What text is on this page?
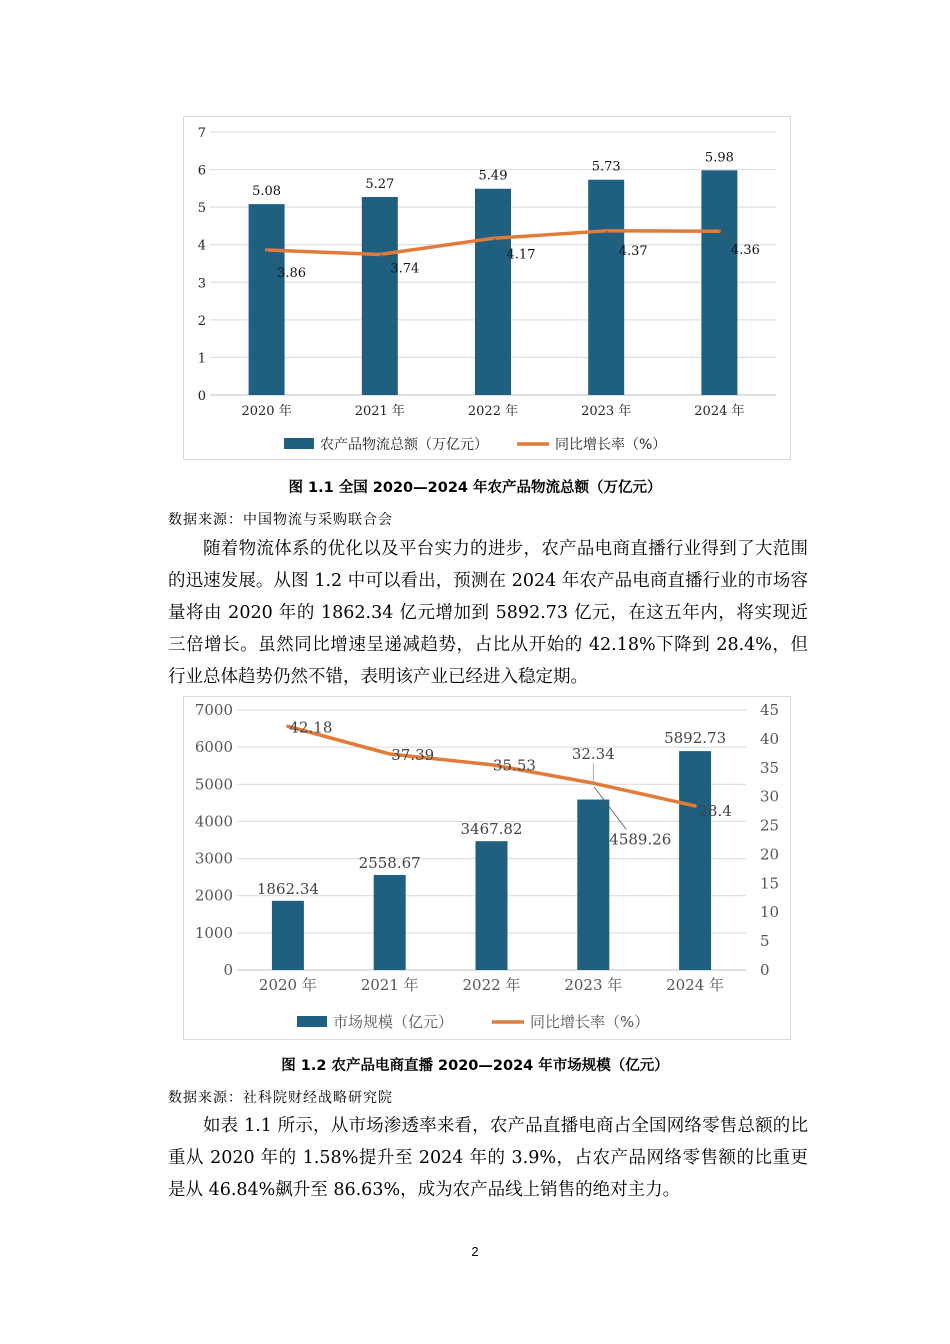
0
1
2
3
4
5
6
7
2020 年	2021 年	2022 年	2023 年	2024 年
5.08	5.27
5.49
5.73
5.98
3.86	3.74
4.17	4.37	4.36
农产品物流总额（万亿元）	同比增长率（%）
图 1.1 全国 2020—2024 年农产品物流总额（万亿元）
数据来源：中国物流与采购联合会

随着物流体系的优化以及平台实力的进步，农产品电商直播行业得到了大范围的迅速发展。从图 1.2 中可以看出，预测在 2024 年农产品电商直播行业的市场容量将由 2020 年的 1862.34 亿元增加到 5892.73 亿元，在这五年内，将实现近三倍增长。虽然同比增速呈递减趋势，占比从开始的 42.18%下降到 28.4%，但行业总体趋势仍然不错，表明该产业已经进入稳定期。

0
1000
2000
3000
4000
5000
6000
7000
0
5
10
15
20
25
30
35
40
45
2020 年	2021 年	2022 年	2023 年	2024 年
1862.34
2558.67
3467.82
4589.26
5892.73
42.18
37.39
35.53
32.34
28.4
市场规模（亿元）	同比增长率（%）
图 1.2 农产品电商直播 2020—2024 年市场规模（亿元）
数据来源：社科院财经战略研究院

如表 1.1 所示，从市场渗透率来看，农产品直播电商占全国网络零售总额的比重从 2020 年的 1.58%提升至 2024 年的 3.9%，占农产品网络零售额的比重更是从 46.84%飙升至 86.63%，成为农产品线上销售的绝对主力。

2
